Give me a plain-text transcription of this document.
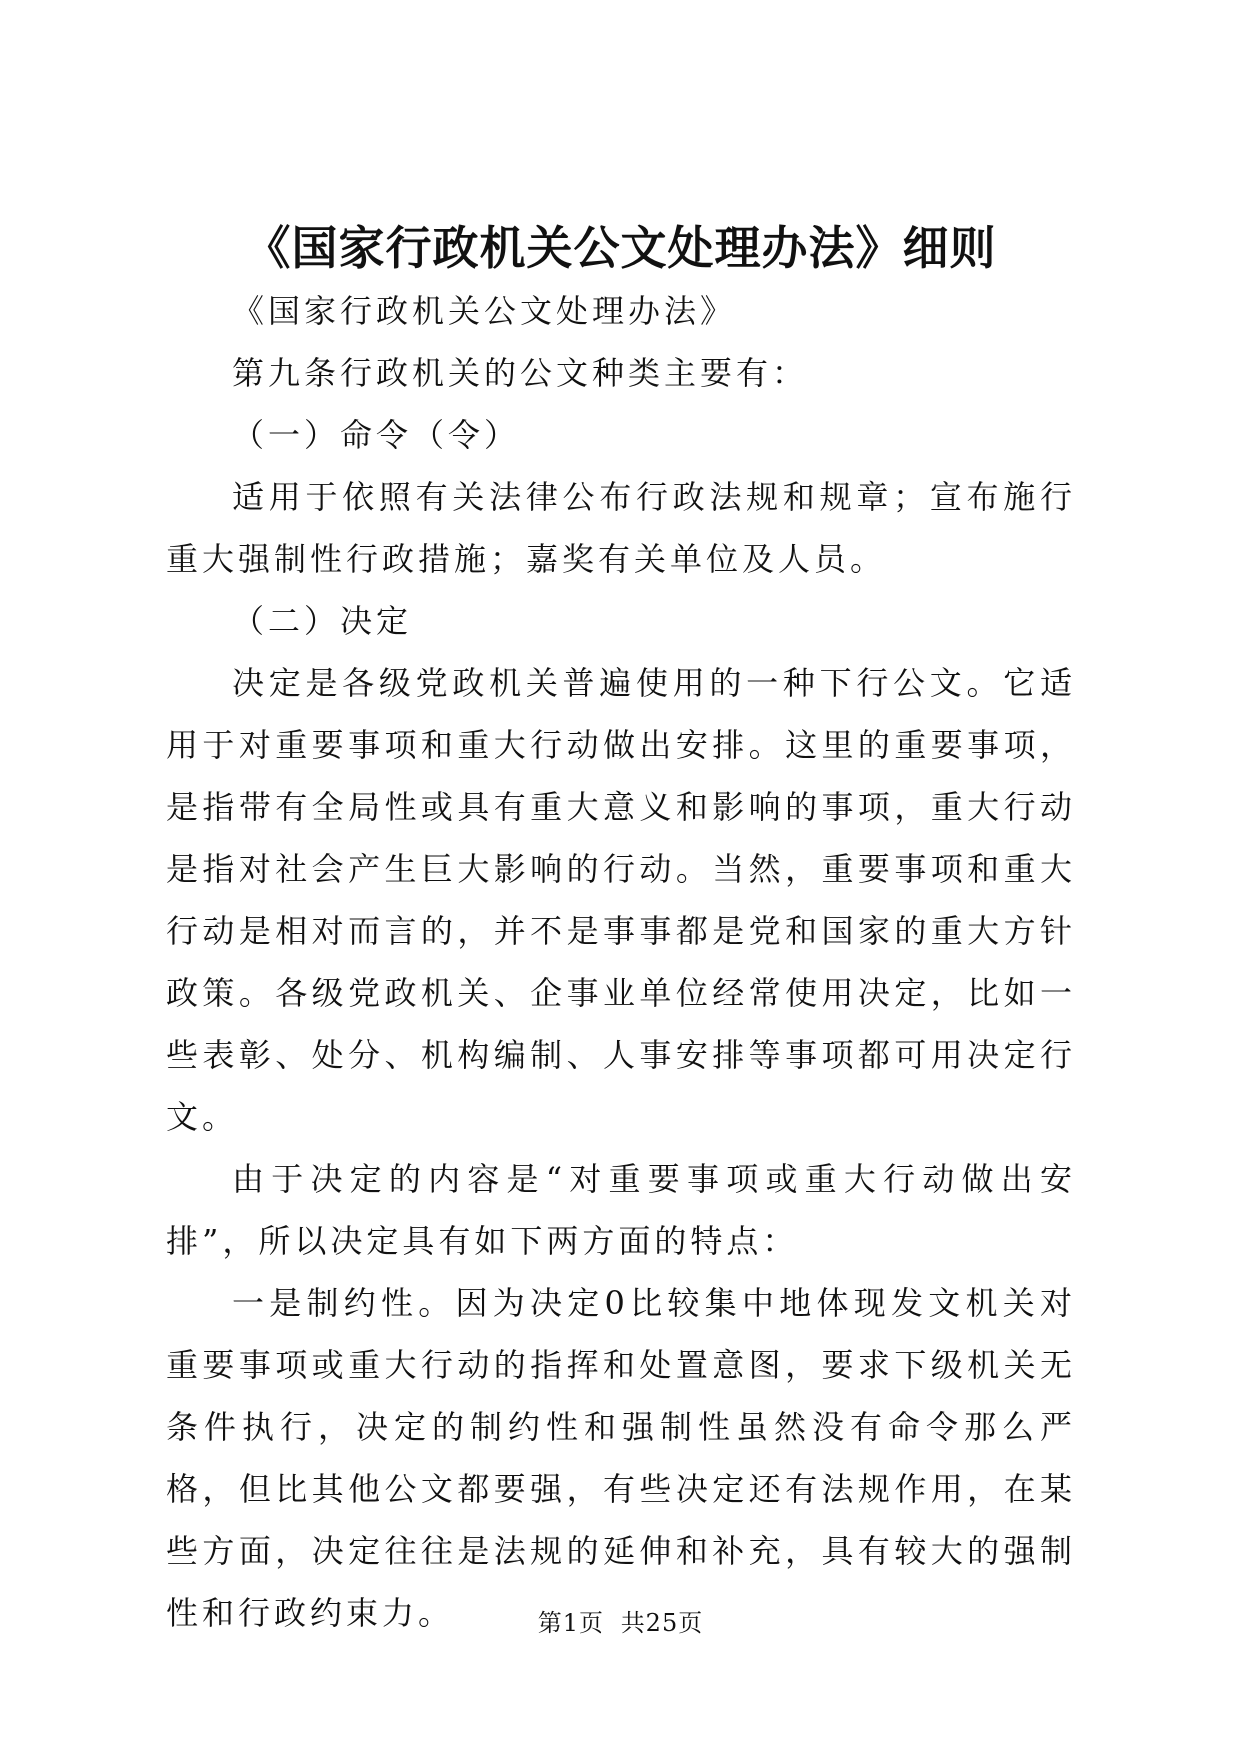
《国家行政机关公文处理办法》细则

《国家行政机关公文处理办法》

第九条行政机关的公文种类主要有：

（一）命令（令）

适用于依照有关法律公布行政法规和规章；宣布施行重大强制性行政措施；嘉奖有关单位及人员。

（二）决定

决定是各级党政机关普遍使用的一种下行公文。它适用于对重要事项和重大行动做出安排。这里的重要事项，是指带有全局性或具有重大意义和影响的事项，重大行动是指对社会产生巨大影响的行动。当然，重要事项和重大行动是相对而言的，并不是事事都是党和国家的重大方针政策。各级党政机关、企事业单位经常使用决定，比如一些表彰、处分、机构编制、人事安排等事项都可用决定行文。

由于决定的内容是“对重要事项或重大行动做出安排”，所以决定具有如下两方面的特点：

一是制约性。因为决定0比较集中地体现发文机关对重要事项或重大行动的指挥和处置意图，要求下级机关无条件执行，决定的制约性和强制性虽然没有命令那么严格，但比其他公文都要强，有些决定还有法规作用，在某些方面，决定往往是法规的延伸和补充，具有较大的强制性和行政约束力。	第1页 共25页
